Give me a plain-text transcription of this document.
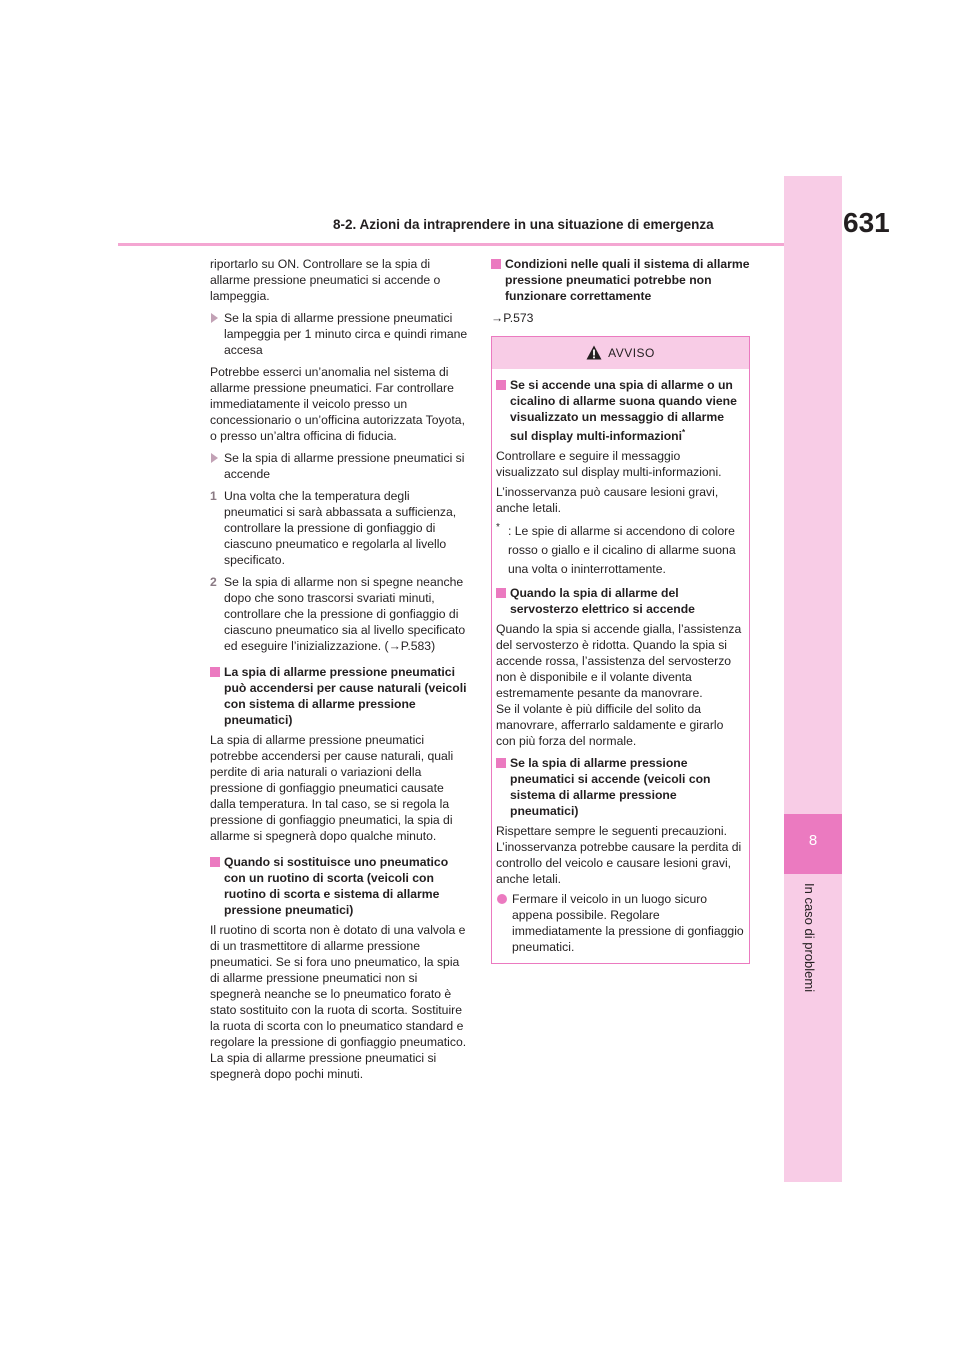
8-2. Azioni da intraprendere in una situazione di emergenza	631
8
In caso di problemi

riportarlo su ON. Controllare se la spia di allarme pressione pneumatici si accende o lampeggia.

Se la spia di allarme pressione pneumatici lampeggia per 1 minuto circa e quindi rimane accesa

Potrebbe esserci un’anomalia nel sistema di allarme pressione pneumatici. Far controllare immediatamente il veicolo presso un concessionario o un’officina autorizzata Toyota, o presso un’altra officina di fiducia.

Se la spia di allarme pressione pneumatici si accende
1 Una volta che la temperatura degli pneumatici si sarà abbassata a sufficienza, controllare la pressione di gonfiaggio di ciascuno pneumatico e regolarla al livello specificato.
2 Se la spia di allarme non si spegne neanche dopo che sono trascorsi svariati minuti, controllare che la pressione di gonfiaggio di ciascuno pneumatico sia al livello specificato ed eseguire l’inizializzazione. (→P.583)
La spia di allarme pressione pneumatici può accendersi per cause naturali (veicoli con sistema di allarme pressione pneumatici)

La spia di allarme pressione pneumatici potrebbe accendersi per cause naturali, quali perdite di aria naturali o variazioni della pressione di gonfiaggio pneumatici causate dalla temperatura. In tal caso, se si regola la pressione di gonfiaggio pneumatici, la spia di allarme si spegnerà dopo qualche minuto.

Quando si sostituisce uno pneumatico con un ruotino di scorta (veicoli con ruotino di scorta e sistema di allarme pressione pneumatici)

Il ruotino di scorta non è dotato di una valvola e di un trasmettitore di allarme pressione pneumatici. Se si fora uno pneumatico, la spia di allarme pressione pneumatici non si spegnerà neanche se lo pneumatico forato è stato sostituito con la ruota di scorta. Sostituire la ruota di scorta con lo pneumatico standard e regolare la pressione di gonfiaggio pneumatico. La spia di allarme pressione pneumatici si spegnerà dopo pochi minuti.

Condizioni nelle quali il sistema di allarme pressione pneumatici potrebbe non funzionare correttamente

→P.573

AVVISO
Se si accende una spia di allarme o un cicalino di allarme suona quando viene visualizzato un messaggio di allarme sul display multi-informazioni*

Controllare e seguire il messaggio visualizzato sul display multi-informazioni.

L’inosservanza può causare lesioni gravi, anche letali.

* : Le spie di allarme si accendono di colore rosso o giallo e il cicalino di allarme suona una volta o ininterrottamente.
Quando la spia di allarme del servosterzo elettrico si accende

Quando la spia si accende gialla, l’assistenza del servosterzo è ridotta. Quando la spia si accende rossa, l’assistenza del servosterzo non è disponibile e il volante diventa estremamente pesante da manovrare.

Se il volante è più difficile del solito da manovrare, afferrarlo saldamente e girarlo con più forza del normale.

Se la spia di allarme pressione pneumatici si accende (veicoli con sistema di allarme pressione pneumatici)

Rispettare sempre le seguenti precauzioni. L’inosservanza potrebbe causare la perdita di controllo del veicolo e causare lesioni gravi, anche letali.

Fermare il veicolo in un luogo sicuro appena possibile. Regolare immediatamente la pressione di gonfiaggio pneumatici.
